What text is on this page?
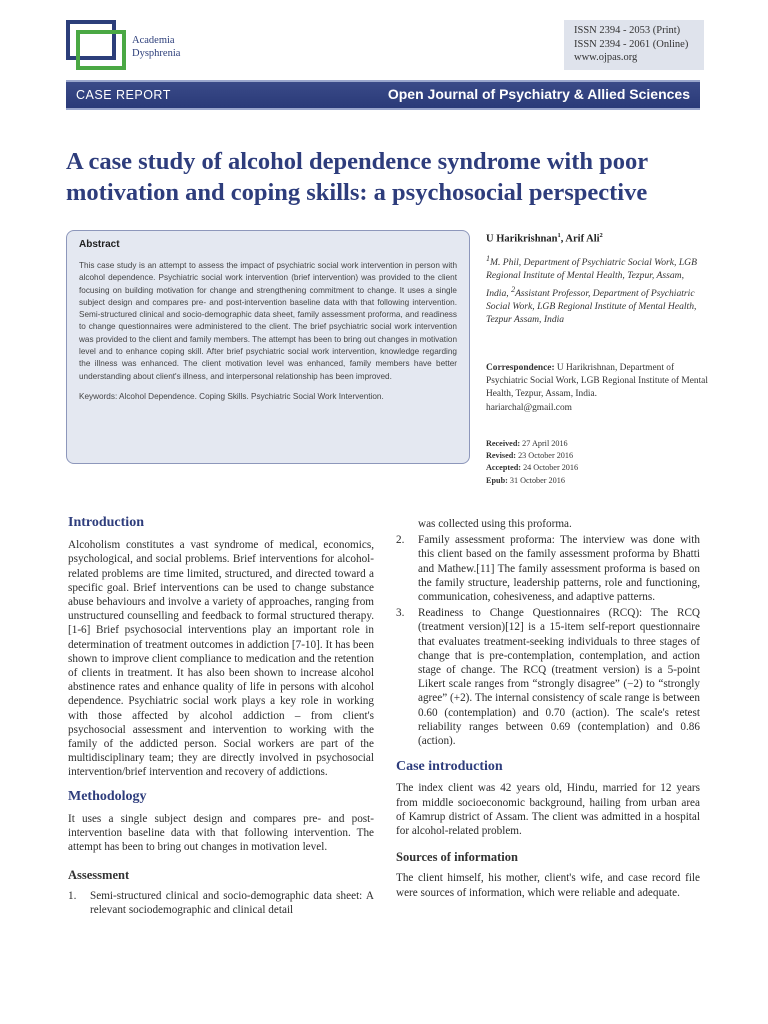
Academia
Dysphrenia
ISSN 2394 - 2053 (Print)
ISSN 2394 - 2061 (Online)
www.ojpas.org
CASE REPORT	Open Journal of Psychiatry & Allied Sciences
A case study of alcohol dependence syndrome with poor
motivation and coping skills: a psychosocial perspective
Abstract
This case study is an attempt to assess the impact of psychiatric social work intervention in person with alcohol dependence. Psychiatric social work intervention (brief intervention) was provided to the client focusing on building motivation for change and strengthening commitment to change. It uses a single subject design and compares pre- and post-intervention baseline data with that following intervention. Semi-structured clinical and socio-demographic data sheet, family assessment proforma, and readiness to change questionnaires were administered to the client. The brief psychiatric social work intervention was provided to the client and family members. The attempt has been to bring out changes in motivation level and to enhance coping skill. After brief psychiatric social work intervention, knowledge regarding the illness was enhanced. The client motivation level was enhanced, family members have better understanding about client's illness, and interpersonal relationship has been improved.
Keywords: Alcohol Dependence. Coping Skills. Psychiatric Social Work Intervention.
U Harikrishnan$^1$, Arif Ali$^2$
$^1$M. Phil, Department of Psychiatric Social Work, LGB Regional Institute of Mental Health, Tezpur, Assam, India, $^2$Assistant Professor, Department of Psychiatric Social Work, LGB Regional Institute of Mental Health, Tezpur Assam, India
Correspondence: U Harikrishnan, Department of Psychiatric Social Work, LGB Regional Institute of Mental Health, Tezpur, Assam, India.
hariarchal@gmail.com
Received: 27 April 2016
Revised: 23 October 2016
Accepted: 24 October 2016
Epub: 31 October 2016
Introduction

Alcoholism constitutes a vast syndrome of medical, economics, psychological, and social problems. Brief interventions for alcohol-related problems are time limited, structured, and directed toward a specific goal. Brief interventions can be used to change substance abuse behaviours and involve a variety of approaches, ranging from unstructured counselling and feedback to formal structured therapy.[1-6] Brief psychosocial interventions play an important role in determination of treatment outcomes in addiction [7-10]. It has been shown to improve client compliance to medication and the retention of clients in treatment. It has also been shown to increase alcohol abstinence rates and enhance quality of life in persons with alcohol dependence. Psychiatric social work plays a key role in working with those affected by alcohol addiction – from client's psychosocial assessment and intervention to working with the family of the addicted person. Social workers are part of the multidisciplinary team; they are directly involved in psychosocial intervention/brief intervention and recovery of addictions.

Methodology

It uses a single subject design and compares pre- and post-intervention baseline data with that following intervention. The attempt has been to bring out changes in motivation level.

Assessment
1. Semi-structured clinical and socio-demographic data sheet: A relevant sociodemographic and clinical detail

was collected using this proforma.

2. Family assessment proforma: The interview was done with this client based on the family assessment proforma by Bhatti and Mathew.[11] The family assessment proforma is based on the family structure, leadership patterns, role and functioning, communication, cohesiveness, and adaptive patterns.

3. Readiness to Change Questionnaires (RCQ): The RCQ (treatment version)[12] is a 15-item self-report questionnaire that evaluates treatment-seeking individuals to three stages of change that is pre-contemplation, contemplation, and action stage of change. The RCQ (treatment version) is a 5-point Likert scale ranges from “strongly disagree” (−2) to “strongly agree” (+2). The internal consistency of scale range is between 0.60 (contemplation) and 0.70 (action). The scale's retest reliability ranges between 0.69 (contemplation) and 0.86 (action).

Case introduction

The index client was 42 years old, Hindu, married for 12 years from middle socioeconomic background, hailing from urban area of Kamrup district of Assam. The client was admitted in a hospital for alcohol-related problem.

Sources of information

The client himself, his mother, client's wife, and case record file were sources of information, which were reliable and adequate.
